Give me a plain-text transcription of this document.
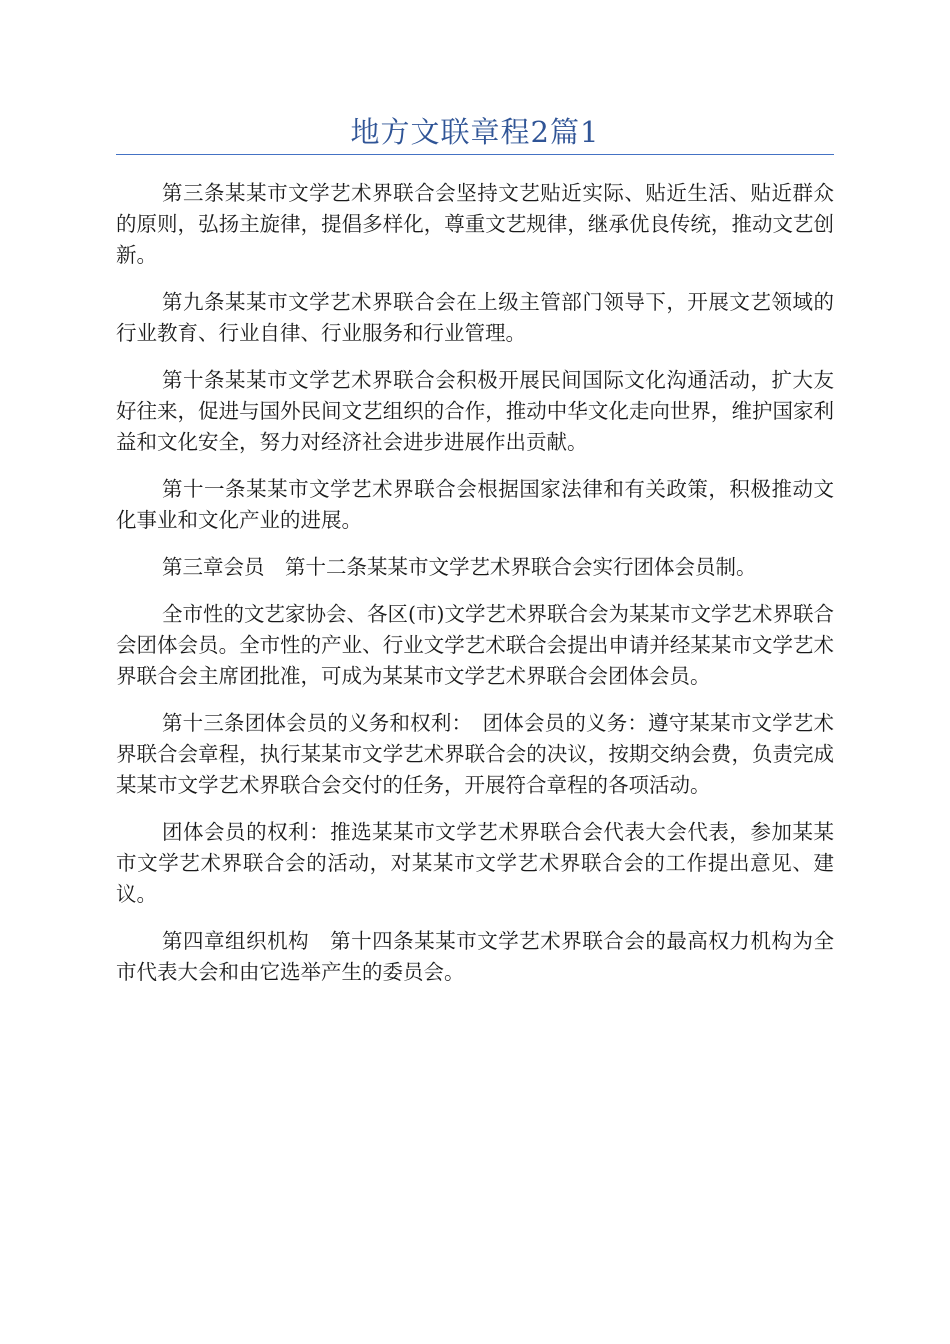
地方文联章程2篇1

第三条某某市文学艺术界联合会坚持文艺贴近实际、贴近生活、贴近群众的原则，弘扬主旋律，提倡多样化，尊重文艺规律，继承优良传统，推动文艺创新。

第九条某某市文学艺术界联合会在上级主管部门领导下，开展文艺领域的行业教育、行业自律、行业服务和行业管理。

第十条某某市文学艺术界联合会积极开展民间国际文化沟通活动，扩大友好往来，促进与国外民间文艺组织的合作，推动中华文化走向世界，维护国家利益和文化安全，努力对经济社会进步进展作出贡献。

第十一条某某市文学艺术界联合会根据国家法律和有关政策，积极推动文化事业和文化产业的进展。

第三章会员　第十二条某某市文学艺术界联合会实行团体会员制。

全市性的文艺家协会、各区(市)文学艺术界联合会为某某市文学艺术界联合会团体会员。全市性的产业、行业文学艺术联合会提出申请并经某某市文学艺术界联合会主席团批准，可成为某某市文学艺术界联合会团体会员。

第十三条团体会员的义务和权利：　团体会员的义务：遵守某某市文学艺术界联合会章程，执行某某市文学艺术界联合会的决议，按期交纳会费，负责完成某某市文学艺术界联合会交付的任务，开展符合章程的各项活动。

团体会员的权利：推选某某市文学艺术界联合会代表大会代表，参加某某市文学艺术界联合会的活动，对某某市文学艺术界联合会的工作提出意见、建议。

第四章组织机构　第十四条某某市文学艺术界联合会的最高权力机构为全市代表大会和由它选举产生的委员会。
